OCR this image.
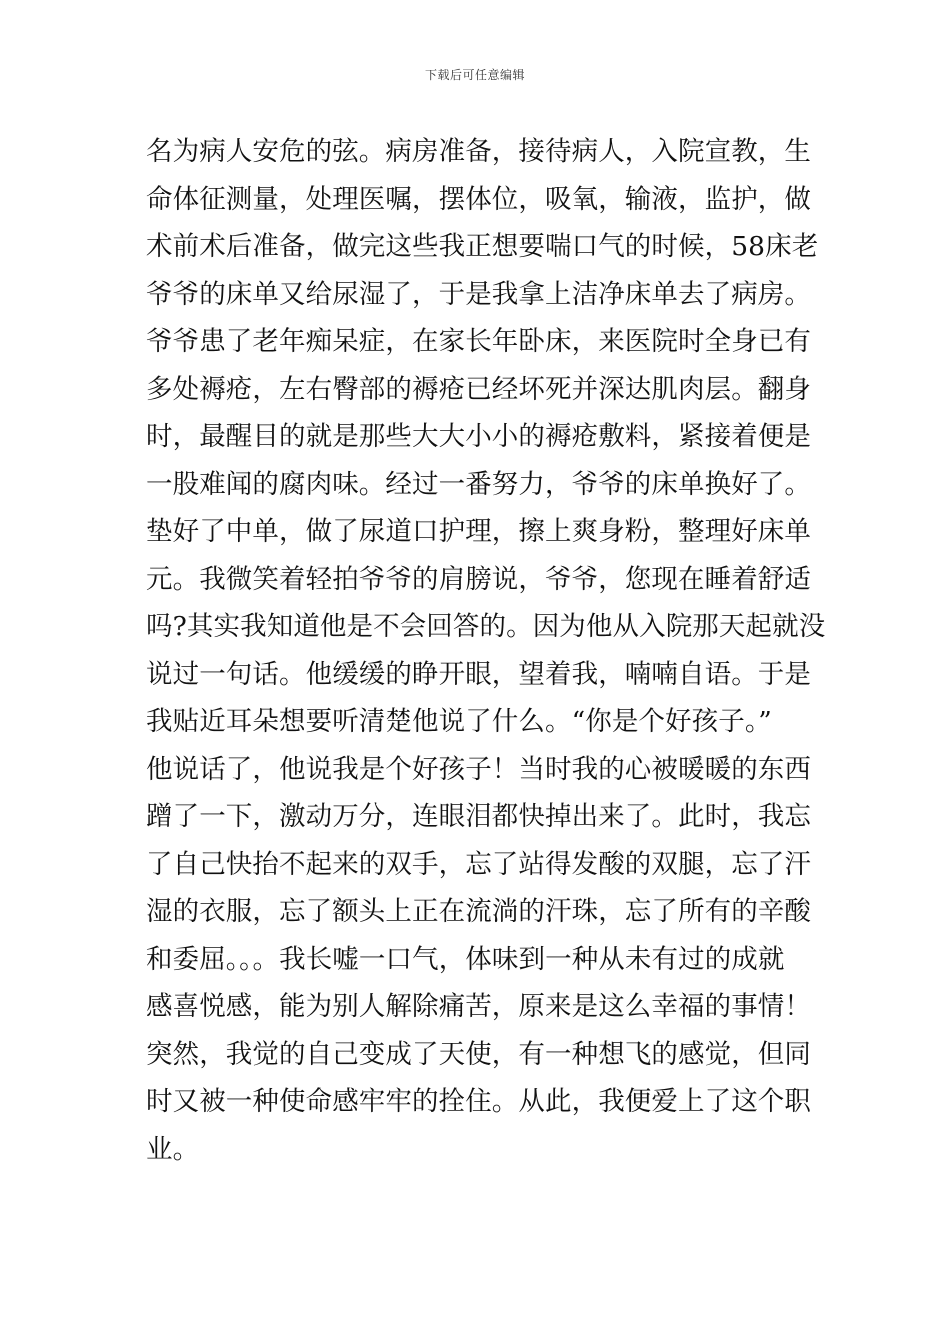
下载后可任意编辑
名为病人安危的弦。病房准备，接待病人，入院宣教，生
命体征测量，处理医嘱，摆体位，吸氧，输液，监护，做
术前术后准备，做完这些我正想要喘口气的时候，58床老
爷爷的床单又给尿湿了，于是我拿上洁净床单去了病房。
爷爷患了老年痴呆症，在家长年卧床，来医院时全身已有
多处褥疮，左右臀部的褥疮已经坏死并深达肌肉层。翻身
时，最醒目的就是那些大大小小的褥疮敷料，紧接着便是
一股难闻的腐肉味。经过一番努力，爷爷的床单换好了。
垫好了中单，做了尿道口护理，擦上爽身粉，整理好床单
元。我微笑着轻拍爷爷的肩膀说，爷爷，您现在睡着舒适
吗?其实我知道他是不会回答的。因为他从入院那天起就没
说过一句话。他缓缓的睁开眼，望着我，喃喃自语。于是
我贴近耳朵想要听清楚他说了什么。“你是个好孩子。”
他说话了，他说我是个好孩子！当时我的心被暖暖的东西
蹭了一下，激动万分，连眼泪都快掉出来了。此时，我忘
了自己快抬不起来的双手，忘了站得发酸的双腿，忘了汗
湿的衣服，忘了额头上正在流淌的汗珠，忘了所有的辛酸
和委屈。。。我长嘘一口气，体味到一种从未有过的成就
感喜悦感，能为别人解除痛苦，原来是这么幸福的事情！
突然，我觉的自己变成了天使，有一种想飞的感觉，但同
时又被一种使命感牢牢的拴住。从此，我便爱上了这个职
业。
